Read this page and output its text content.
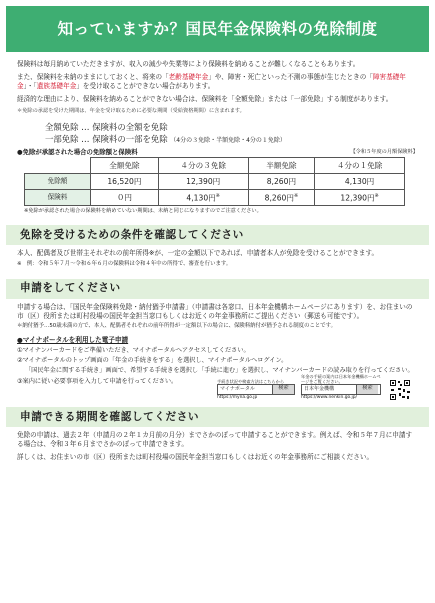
知っていますか？国民年金保険料の免除制度

保険料は毎月納めていただきますが、収入の減少や失業等により保険料を納めることが難しくなることもあります。

また、保険料を未納のままにしておくと、将来の「老齢基礎年金」や、障害・死亡といった不測の事態が生じたときの「障害基礎年金」・「遺族基礎年金」を受け取ることができない場合があります。

経済的な理由により、保険料を納めることができない場合は、保険料を「全額免除」または「一部免除」する制度があります。

＊免除の承認を受けた期間は、年金を受け取るために必要な期間（受給資格期間）に含まれます。
全額免除 … 保険料の全額を免除
一部免除 … 保険料の一部を免除 （4分の３免除・半額免除・4分の１免除）
●免除が承認された場合の免除額と保険料	【令和５年度の月額保険料】
	全額免除	４分の３免除	半額免除	４分の１免除
免除額	16,520円	12,390円	8,260円	4,130円
保険料	０円	4,130円※	8,260円※	12,390円※
※免除が承認された場合の保険料を納めていない期間は、未納と同じになりますのでご注意ください。
免除を受けるための条件を確認してください

本人、配偶者及び世帯主それぞれの前年所得※が、一定の金額以下であれば、申請者本人が免除を受けることができます。

※　例：令和５年７月～令和６年６月の保険料は令和４年中の所得で、審査を行います。

申請をしてください

申請する場合は、「国民年金保険料免除・納付猶予申請書」（申請書は各窓口、日本年金機構ホームページにあります）を、お住まいの市（区）役所または町村役場の国民年金担当窓口もしくはお近くの年金事務所にご提出ください（郵送も可能です）。

＊納付猶予…50歳未満の方で、本人、配偶者それぞれの前年所得が一定額以下の場合に、保険料納付が猶予される制度のことです。

●マイナポータルを利用した電子申請

①マイナンバーカードをご準備いただき、マイナポータルへアクセスしてください。

②マイナポータルのトップ画面の「年金の手続きをする」を選択し、マイナポータルへログイン。

「国民年金に関する手続き」画面で、希望する手続きを選択し「手続に進む」を選択し、マイナンバーカードの読み取りを行ってください。

③案内に従い必要事項を入力して申請を行ってください。	手続き状況や検索方法はこちらから
マイナポータル	検索
https://myna.go.jp
年金の手続の案内は日本年金機構ホームページをご覧ください。
日本年金機構	検索
https://www.nenkin.go.jp/
申請できる期間を確認してください

免除の申請は、過去２年（申請月の２年１カ月前の月分）までさかのぼって申請することができます。例えば、令和５年７月に申請する場合は、令和３年６月までさかのぼって申請できます。

詳しくは、お住まいの市（区）役所または町村役場の国民年金担当窓口もしくはお近くの年金事務所にご相談ください。
